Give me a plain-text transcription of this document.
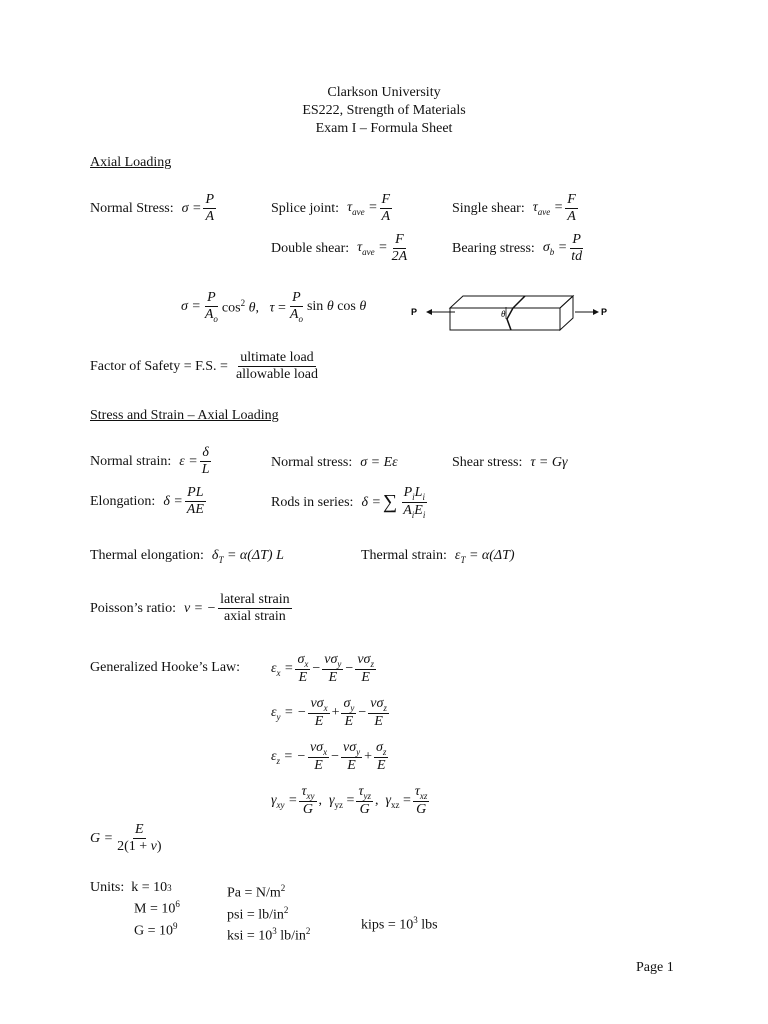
Clarkson University
ES222, Strength of Materials
Exam I – Formula Sheet
Axial Loading
Normal Stress: $\sigma = \frac{P}{A}$	Splice joint: $\tau_{ave} = \frac{F}{A}$	Single shear: $\tau_{ave} = \frac{F}{A}$
Double shear: $\tau_{ave} = \frac{F}{2A}$	Bearing stress: $\sigma_b = \frac{P}{td}$
$\sigma = \frac{P}{A_o} \cos^2 \theta$,   $\tau = \frac{P}{A_o}$ sin θ cos θ	θ
P	P
Factor of Safety = F.S. = $\frac{\text{ultimate load}}{\text{allowable load}}$
Stress and Strain – Axial Loading
Normal strain: $\varepsilon = \frac{\delta}{L}$	Normal stress: σ = Eε	Shear stress: τ = Gγ
Elongation: $\delta = \frac{PL}{AE}$	Rods in series: δ = ∑ $\frac{P_iL_i}{A_iE_i}$
Thermal elongation: $\delta_T = \alpha(\Delta T)$ L	Thermal strain: $\varepsilon_T = \alpha(\Delta T)$
Poisson’s ratio: ν = − $\frac{\text{lateral strain}}{\text{axial strain}}$
Generalized Hooke’s Law: $\varepsilon_x = \frac{\sigma_x}{E} - \frac{\nu\sigma_y}{E} - \frac{\nu\sigma_z}{E}$
$\varepsilon_y$ = − $\frac{\nu\sigma_x}{E} + \frac{\sigma_y}{E} - \frac{\nu\sigma_z}{E}$
$\varepsilon_z$ = − $\frac{\nu\sigma_x}{E} - \frac{\nu\sigma_y}{E} + \frac{\sigma_z}{E}$
$\gamma_{xy} = \frac{\tau_{xy}}{G}$ ,  $\gamma_{yz} = \frac{\tau_{yz}}{G}$ ,  $\gamma_{xz} = \frac{\tau_{xz}}{G}$
$G = \frac{E}{2(1 + \nu)}$
Units:
k = 10 3
$M = 10^6$
$G = 10^9$
$Pa = N/m^2$
psi = $lb/in^2$
ksi = $10^3$ $lb/in^2$	kips = $10^3$ lbs
Page 1
